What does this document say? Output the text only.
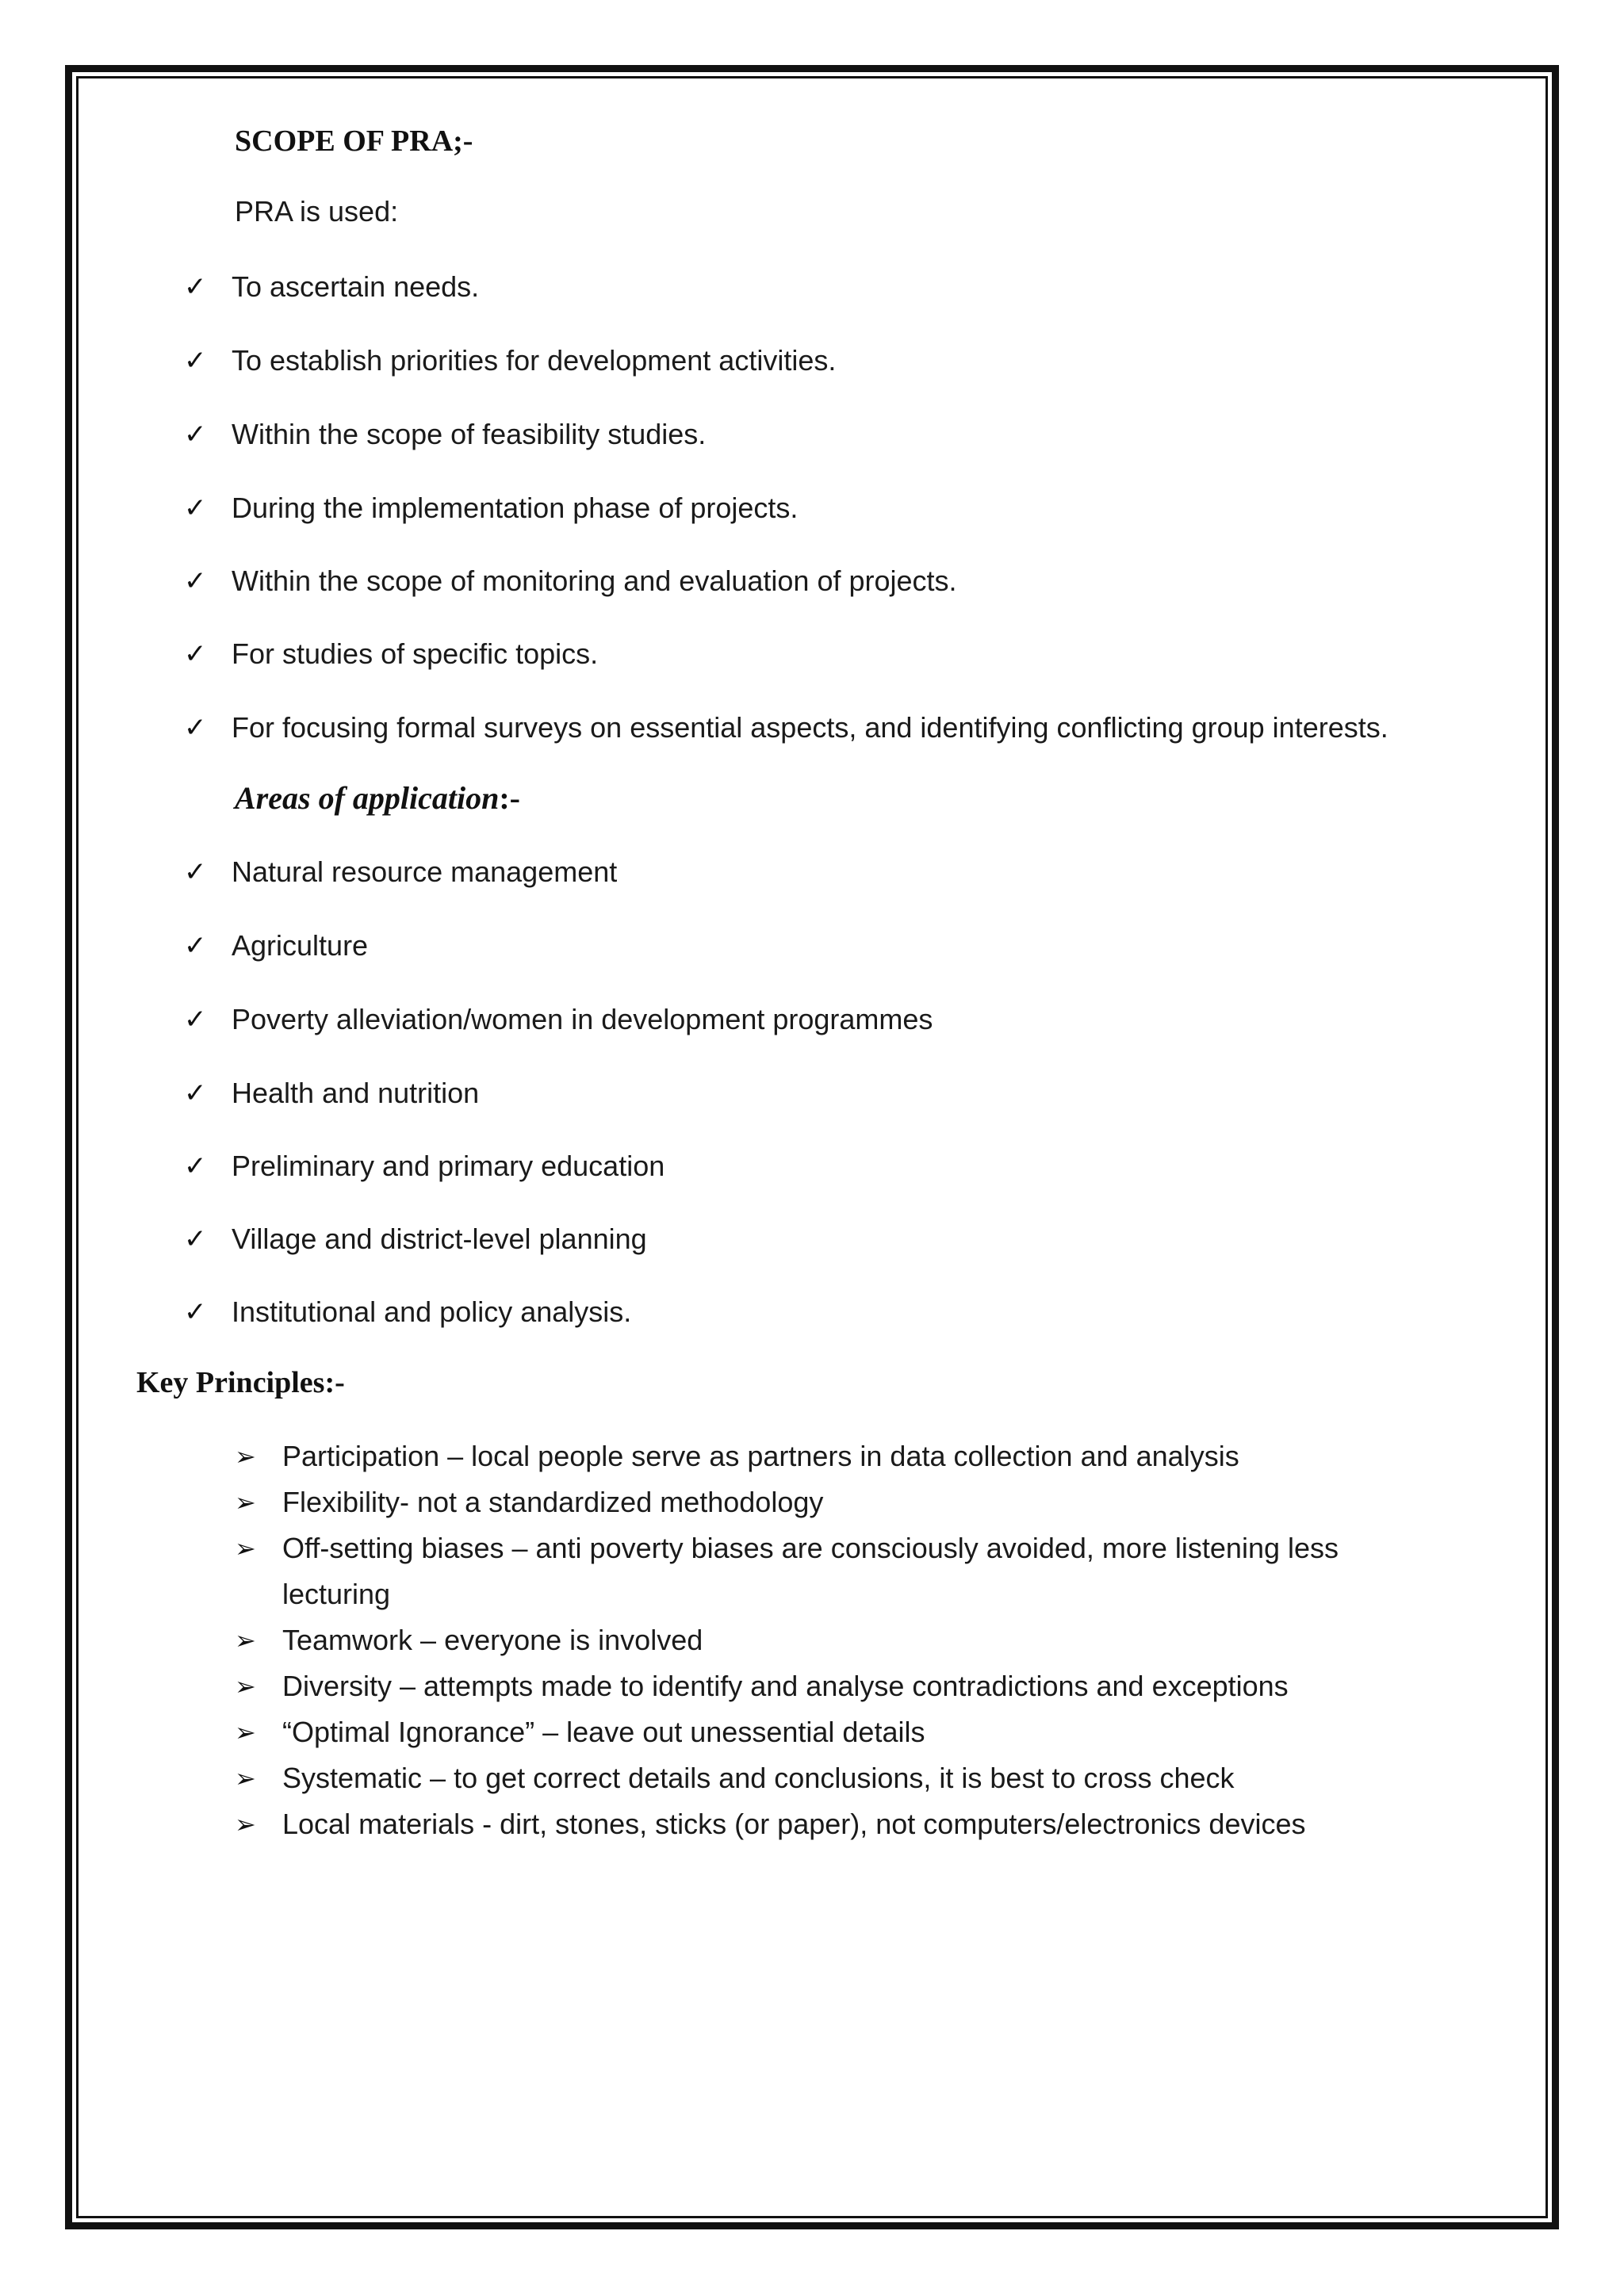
SCOPE OF PRA;-
PRA is used:
✓ To ascertain needs.
✓ To establish priorities for development activities.
✓ Within the scope of feasibility studies.
✓ During the implementation phase of projects.
✓ Within the scope of monitoring and evaluation of projects.
✓ For studies of specific topics.
✓ For focusing formal surveys on essential aspects, and identifying conflicting group interests.
Areas of application:-
✓ Natural resource management
✓ Agriculture
✓ Poverty alleviation/women in development programmes
✓ Health and nutrition
✓ Preliminary and primary education
✓ Village and district-level planning
✓ Institutional and policy analysis.
Key Principles:-
➢ Participation – local people serve as partners in data collection and analysis
➢ Flexibility- not a standardized methodology
➢ Off-setting biases – anti poverty biases are consciously avoided, more listening less lecturing
➢ Teamwork – everyone is involved
➢ Diversity – attempts made to identify and analyse contradictions and exceptions
➢ “Optimal Ignorance” – leave out unessential details
➢ Systematic – to get correct details and conclusions, it is best to cross check
➢ Local materials - dirt, stones, sticks (or paper), not computers/electronics devices
